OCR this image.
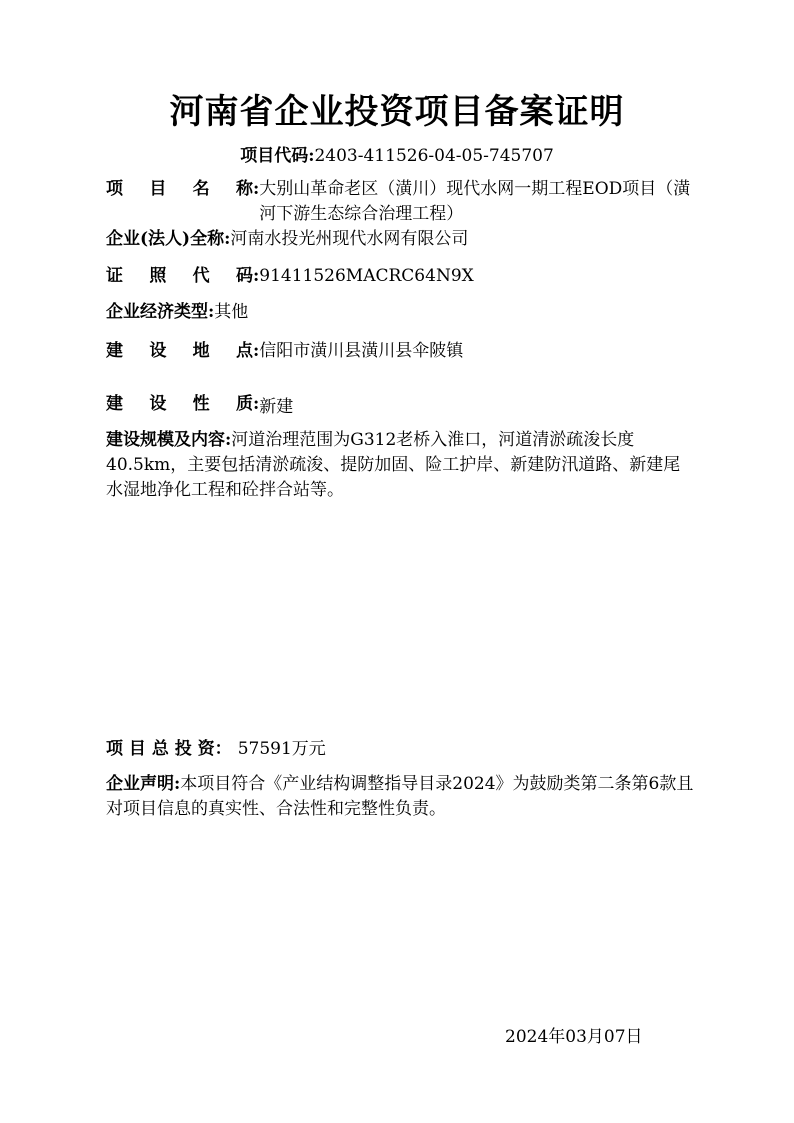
河南省企业投资项目备案证明
项目代码:2403-411526-04-05-745707
项 目 名 称 : 大别山革命老区（潢川）现代水网一期工程EOD项目（潢河下游生态综合治理工程）
企业(法人)全称: 河南水投光州现代水网有限公司
证 照 代 码 : 91411526MACRC64N9X
企业经济类型: 其他
建 设 地 点 : 信阳市潢川县潢川县伞陂镇
建 设 性 质 : 新建
建设规模及内容:河道治理范围为G312老桥入淮口，河道清淤疏浚长度40.5km，主要包括清淤疏浚、提防加固、险工护岸、新建防汛道路、新建尾水湿地净化工程和砼拌合站等。
项 目 总 投 资： 57591万元
企业声明:本项目符合《产业结构调整指导目录2024》为鼓励类第二条第6款且对项目信息的真实性、合法性和完整性负责。
2024年03月07日
